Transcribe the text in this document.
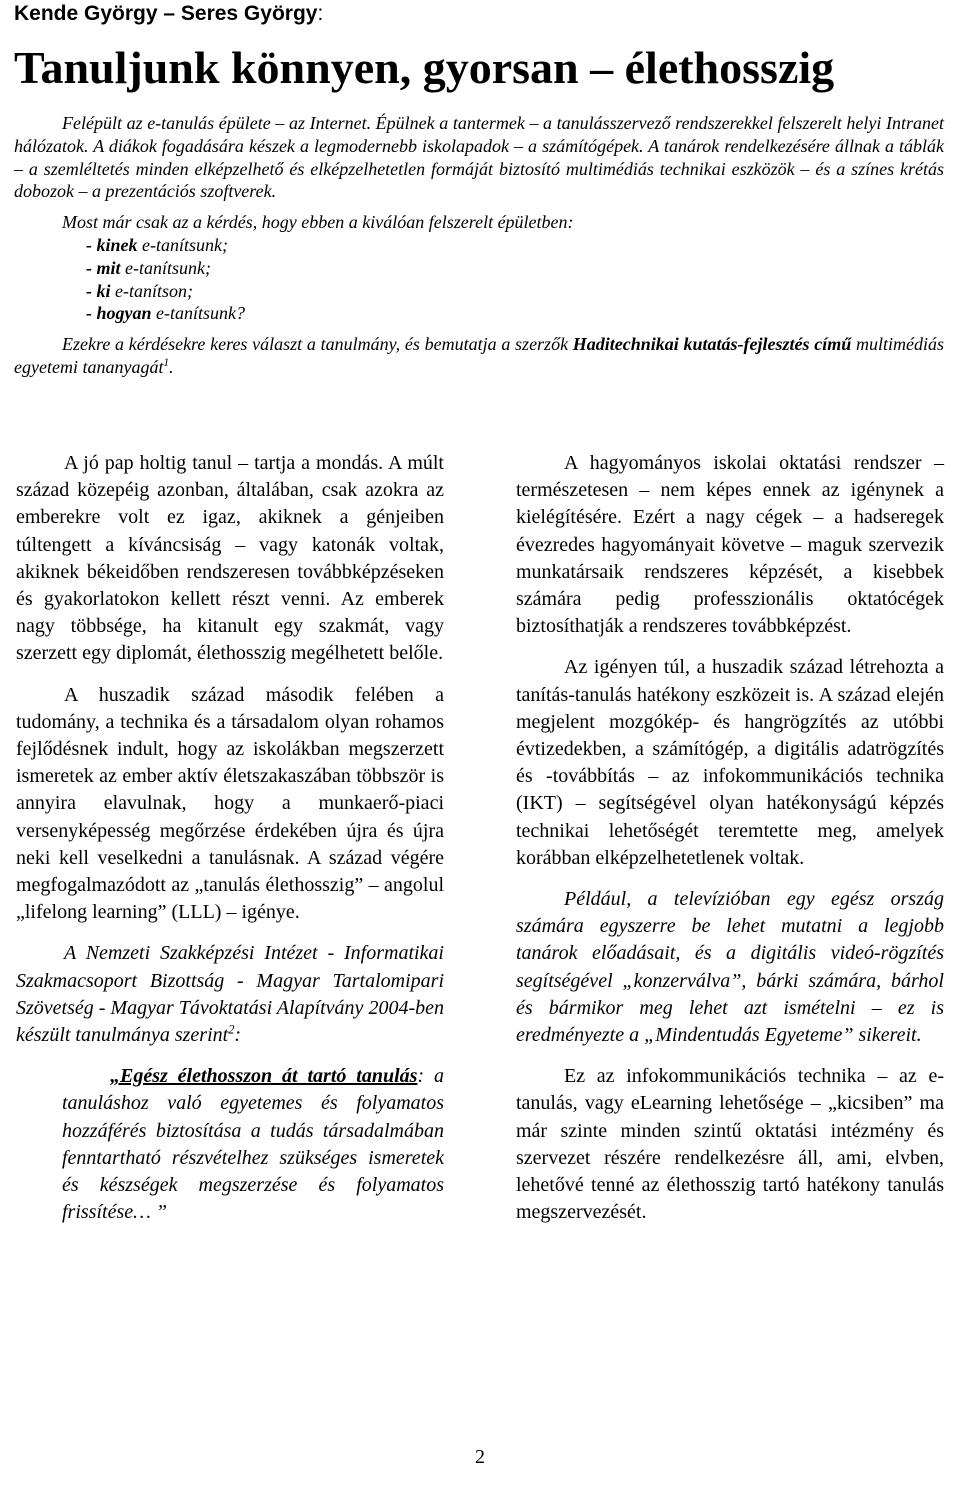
Kende György – Seres György:
Tanuljunk könnyen, gyorsan – élethosszig

Felépült az e-tanulás épülete – az Internet. Épülnek a tantermek – a tanulásszervező rendszerekkel felszerelt helyi Intranet hálózatok. A diákok fogadására készek a legmodernebb iskolapadok – a számítógépek. A tanárok rendelkezésére állnak a táblák – a szemléltetés minden elképzelhető és elképzelhetetlen formáját biztosító multimédiás technikai eszközök – és a színes krétás dobozok – a prezentációs szoftverek.

Most már csak az a kérdés, hogy ebben a kiválóan felszerelt épületben:

- kinek e-tanítsunk;
- mit e-tanítsunk;
- ki e-tanítson;
- hogyan e-tanítsunk?

Ezekre a kérdésekre keres választ a tanulmány, és bemutatja a szerzők Haditechnikai kutatás-fejlesztés című multimédiás egyetemi tananyagát$^1$.

A jó pap holtig tanul – tartja a mondás. A múlt század közepéig azonban, általában, csak azokra az emberekre volt ez igaz, akiknek a génjeiben túltengett a kíváncsiság – vagy katonák voltak, akiknek békeidőben rendszeresen továbbképzéseken és gyakorlatokon kellett részt venni. Az emberek nagy többsége, ha kitanult egy szakmát, vagy szerzett egy diplomát, élethosszig megélhetett belőle.

A huszadik század második felében a tudomány, a technika és a társadalom olyan rohamos fejlődésnek indult, hogy az iskolákban megszerzett ismeretek az ember aktív életszakaszában többször is annyira elavulnak, hogy a munkaerő-piaci versenyképesség megőrzése érdekében újra és újra neki kell veselkedni a tanulásnak. A század végére megfogalmazódott az „tanulás élethosszig” – angolul „lifelong learning” (LLL) – igénye.

A Nemzeti Szakképzési Intézet - Informatikai Szakmacsoport Bizottság - Magyar Tartalomipari Szövetség - Magyar Távoktatási Alapítvány 2004-ben készült tanulmánya szerint$^2$:

„Egész élethosszon át tartó tanulás: a tanuláshoz való egyetemes és folyamatos hozzáférés biztosítása a tudás társadalmában fenntartható részvételhez szükséges ismeretek és készségek megszerzése és folyamatos frissítése… ”

A hagyományos iskolai oktatási rendszer – természetesen – nem képes ennek az igénynek a kielégítésére. Ezért a nagy cégek – a hadseregek évezredes hagyományait követve – maguk szervezik munkatársaik rendszeres képzését, a kisebbek számára pedig professzionális oktatócégek biztosíthatják a rendszeres továbbképzést.

Az igényen túl, a huszadik század létrehozta a tanítás-tanulás hatékony eszközeit is. A század elején megjelent mozgókép- és hangrögzítés az utóbbi évtizedekben, a számítógép, a digitális adatrögzítés és -továbbítás – az infokommunikációs technika (IKT) – segítségével olyan hatékonyságú képzés technikai lehetőségét teremtette meg, amelyek korábban elképzelhetetlenek voltak.

Például, a televízióban egy egész ország számára egyszerre be lehet mutatni a legjobb tanárok előadásait, és a digitális videó-rögzítés segítségével „konzerválva”, bárki számára, bárhol és bármikor meg lehet azt ismételni – ez is eredményezte a „Mindentudás Egyeteme” sikereit.

Ez az infokommunikációs technika – az e-tanulás, vagy eLearning lehetősége – „kicsiben” ma már szinte minden szintű oktatási intézmény és szervezet részére rendelkezésre áll, ami, elvben, lehetővé tenné az élethosszig tartó hatékony tanulás megszervezését.

2
